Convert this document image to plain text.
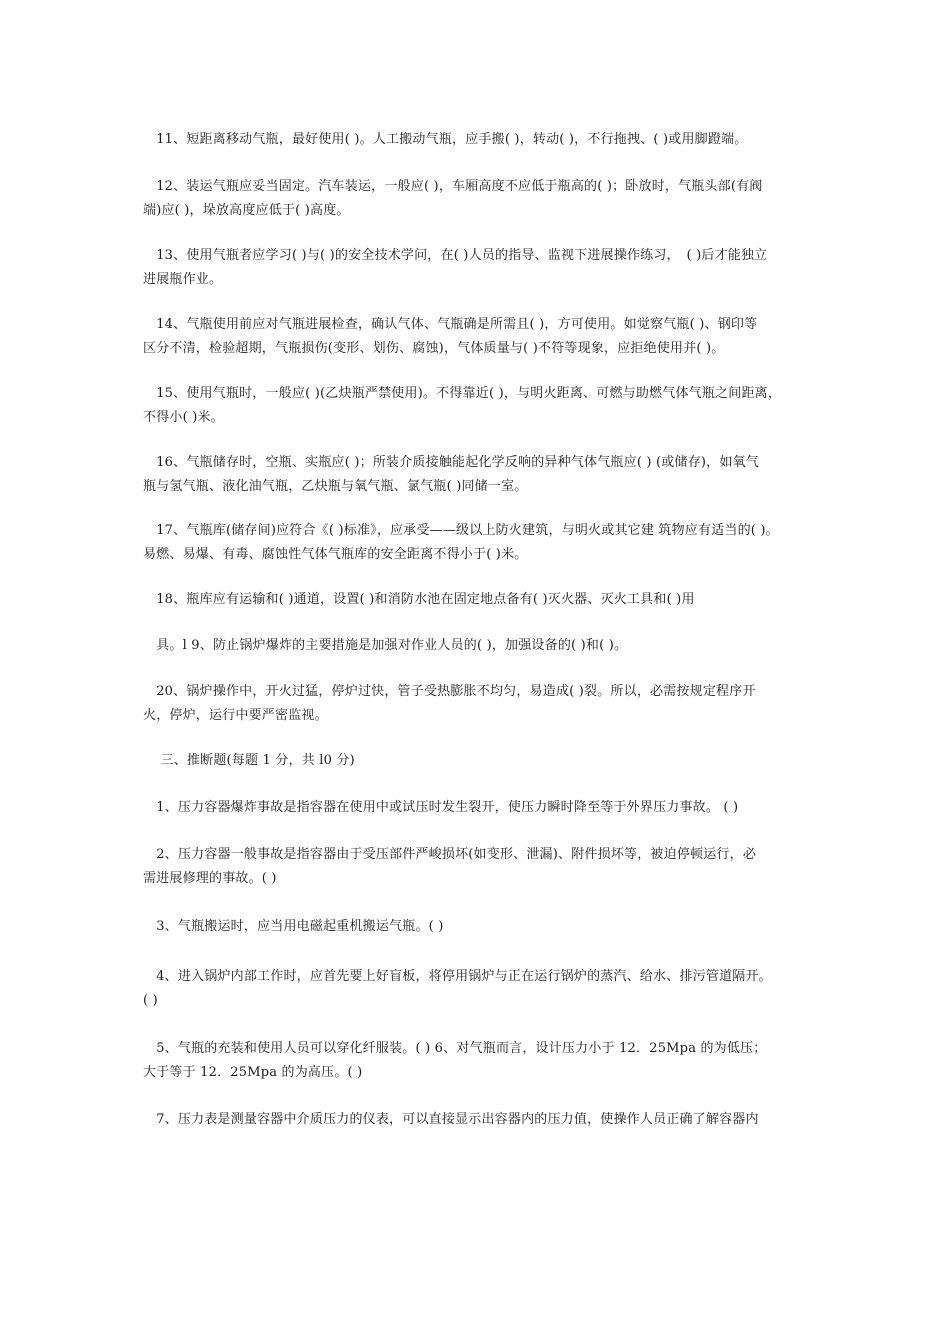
　11、短距离移动气瓶，最好使用( )。人工搬动气瓶，应手搬( )，转动( )，不行拖拽、( )或用脚蹬端。

　12、装运气瓶应妥当固定。汽车装运，一般应( )，车厢高度不应低于瓶高的( )；卧放时，气瓶头部(有阀
端)应( )，垛放高度应低于( )高度。

　13、使用气瓶者应学习( )与( )的安全技术学问，在( )人员的指导、监视下进展操作练习，　( )后才能独立
进展瓶作业。

　14、气瓶使用前应对气瓶进展检查，确认气体、气瓶确是所需且( )，方可使用。如觉察气瓶( )、钢印等
区分不清，检验超期，气瓶损伤(变形、划伤、腐蚀)，气体质量与( )不符等现象，应拒绝使用并( )。

　15、使用气瓶时，一般应( )(乙炔瓶严禁使用)。不得靠近( )，与明火距离、可燃与助燃气体气瓶之间距离，
不得小( )米。

　16、气瓶储存时，空瓶、实瓶应( )；所装介质接触能起化学反响的异种气体气瓶应( ) (或储存)，如氧气
瓶与氢气瓶、液化油气瓶，乙炔瓶与氧气瓶、氯气瓶( )同储一室。

　17、气瓶库(储存间)应符合《( )标准》，应承受——级以上防火建筑，与明火或其它建 筑物应有适当的( )。
易燃、易爆、有毒、腐蚀性气体气瓶库的安全距离不得小于( )米。

　18、瓶库应有运输和( )通道，设置( )和消防水池在固定地点备有( )灭火器、灭火工具和( )用

　具。l 9、防止锅炉爆炸的主要措施是加强对作业人员的( )，加强设备的( )和( )。

　20、锅炉操作中，开火过猛，停炉过快，管子受热膨胀不均匀，易造成( )裂。所以，必需按规定程序开
火，停炉，运行中要严密监视。

　 三、推断题(每题 1 分，共 l0 分)

　1、压力容器爆炸事故是指容器在使用中或试压时发生裂开，使压力瞬时降至等于外界压力事故。 ( )

　2、压力容器一般事故是指容器由于受压部件严峻损坏(如变形、泄漏)、附件损坏等，被迫停顿运行，必
需进展修理的事故。( )

　3、气瓶搬运时，应当用电磁起重机搬运气瓶。( )

　4、进入锅炉内部工作时，应首先要上好盲板，将停用锅炉与正在运行锅炉的蒸汽、给水、排污管道隔开。
( )

　5、气瓶的充装和使用人员可以穿化纤服装。( ) 6、对气瓶而言，设计压力小于 12．25Mpa 的为低压；
大于等于 12．25Mpa 的为高压。( )

　7、压力表是测量容器中介质压力的仪表，可以直接显示出容器内的压力值，使操作人员正确了解容器内
